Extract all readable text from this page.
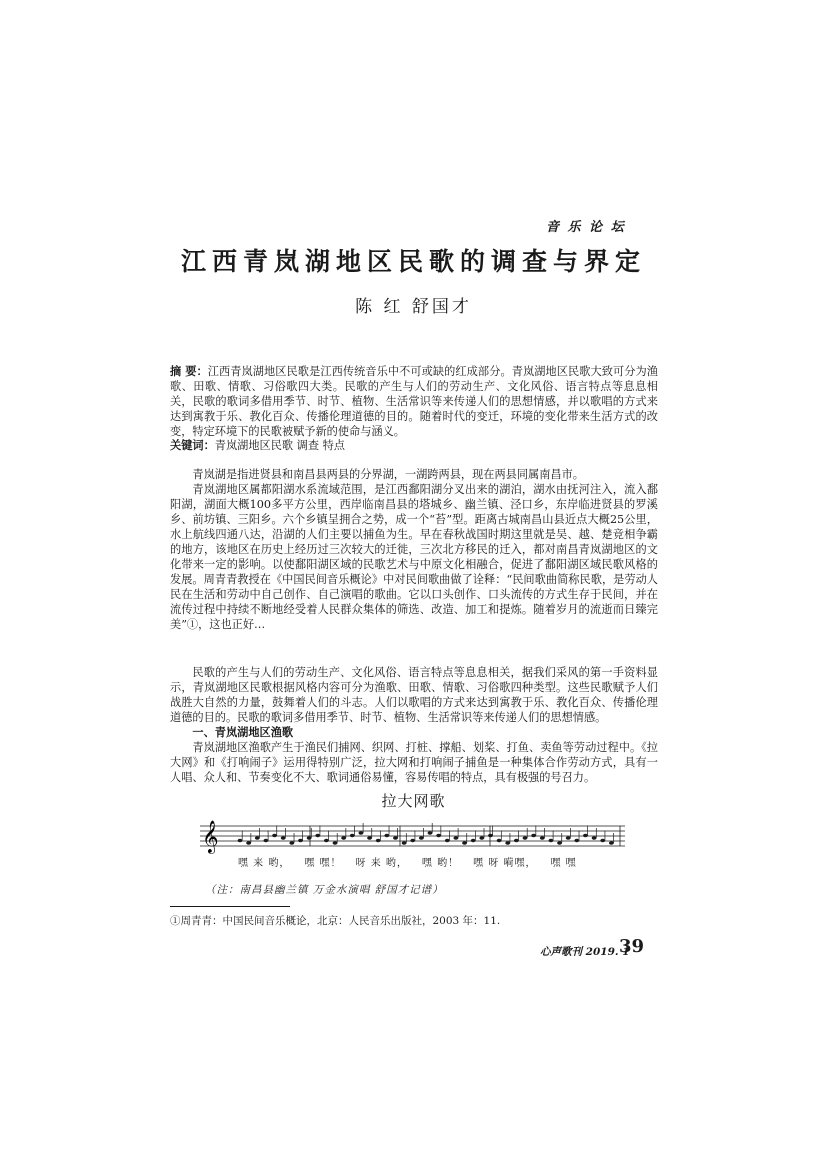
音 乐 论 坛
江西青岚湖地区民歌的调查与界定
陈 红 舒国才
摘 要：江西青岚湖地区民歌是江西传统音乐中不可或缺的红成部分。青岚湖地区民歌大致可分为渔歌、田歌、情歌、习俗歌四大类。民歌的产生与人们的劳动生产、文化风俗、语言特点等息息相关，民歌的歌词多借用季节、时节、植物、生活常识等来传递人们的思想情感，并以歌唱的方式来达到寓教于乐、教化百众、传播伦理道德的目的。随着时代的变迁，环境的变化带来生活方式的改变，特定环境下的民歌被赋予新的使命与涵义。
关键词：青岚湖地区民歌 调查 特点

青岚湖是指进贤县和南昌县两县的分界湖，一湖跨两县，现在两县同属南昌市。

青岚湖地区属都阳湖水系流域范围，是江西鄱阳湖分叉出来的湖泊，湖水由抚河注入，流入鄱阳湖，湖面大概100多平方公里，西岸临南昌县的塔城乡、幽兰镇、泾口乡，东岸临进贤县的罗溪乡、前坊镇、三阳乡。六个乡镇呈拥合之势，成一个“苔”型。距离古城南昌山县近点大概25公里，水上航线四通八达，沿湖的人们主要以捕鱼为生。早在春秋战国时期这里就是吴、越、楚竞相争霸的地方，该地区在历史上经历过三次较大的迁徙，三次北方移民的迁入，都对南昌青岚湖地区的文化带来一定的影响。以使鄱阳湖区域的民歌艺术与中原文化相融合，促进了鄱阳湖区域民歌风格的发展。周青青教授在《中国民间音乐概论》中对民间歌曲做了诠释：“民间歌曲简称民歌，是劳动人民在生活和劳动中自己创作、自己演唱的歌曲。它以口头创作、口头流传的方式生存于民间，并在流传过程中持续不断地经受着人民群众集体的筛选、改造、加工和提炼。随着岁月的流逝而日臻完美”①，这也正好…

民歌的产生与人们的劳动生产、文化风俗、语言特点等息息相关，据我们采风的第一手资料显示，青岚湖地区民歌根据风格内容可分为渔歌、田歌、情歌、习俗歌四种类型。这些民歌赋予人们战胜大自然的力量，鼓舞着人们的斗志。人们以歌唱的方式来达到寓教于乐、教化百众、传播伦理道德的目的。民歌的歌词多借用季节、时节、植物、生活常识等来传递人们的思想情感。

一、青岚湖地区渔歌

青岚湖地区渔歌产生于渔民们捕网、织网、打桩、撑船、划桨、打鱼、卖鱼等劳动过程中。《拉大网》和《打响闹子》运用得特别广泛，拉大网和打响闹子捕鱼是一种集体合作劳动方式，具有一人唱、众人和、节奏变化不大、歌词通俗易懂，容易传唱的特点，具有极强的号召力。

拉大网歌
𝄞
嘿 来 哟， 嘿 嘿！ 呀 来 哟， 嘿 哟！ 嘿 呀 嗬嘿， 嘿 嘿
（注：南昌县幽兰镇 万金水演唱 舒国才记谱）
①周青青：中国民间音乐概论，北京：人民音乐出版社，2003 年：11.
心声歌刊 2019. 1
39
